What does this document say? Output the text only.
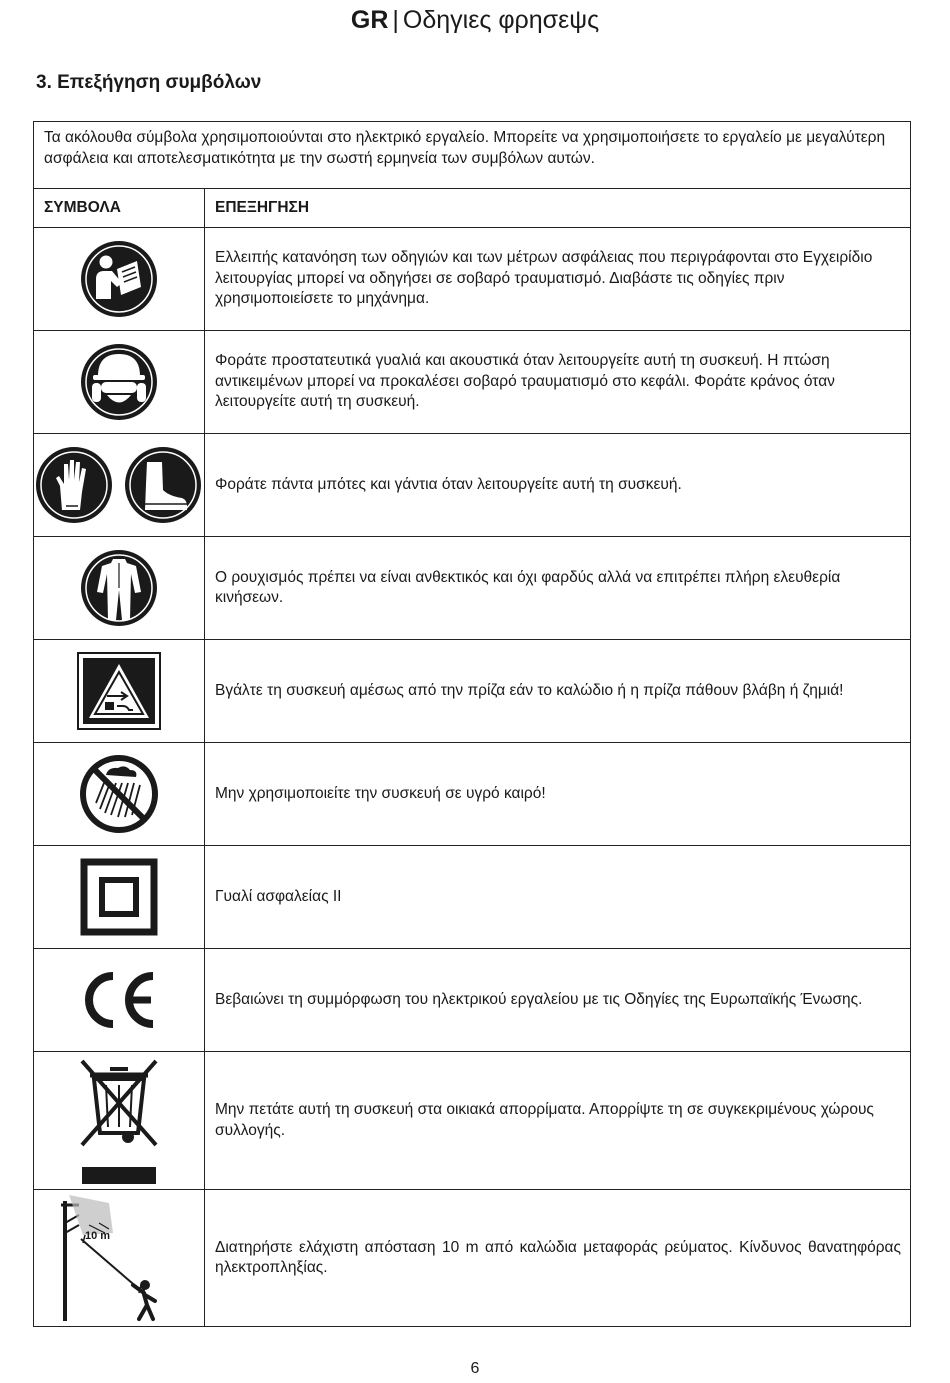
GR | Οδηγιες φρησεψς
3. Επεξήγηση συμβόλων
Τα ακόλουθα σύμβολα χρησιμοποιούνται στο ηλεκτρικό εργαλείο. Μπορείτε να χρησιμοποιήσετε το εργαλείο με μεγαλύτερη ασφάλεια και αποτελεσματικότητα με την σωστή ερμηνεία των συμβόλων αυτών.
ΣΥΜΒΟΛΑ	ΕΠΕΞΗΓΗΣΗ
Ελλειπής κατανόηση των οδηγιών και των μέτρων ασφάλειας που περιγράφονται στο Εγχειρίδιο λειτουργίας μπορεί να οδηγήσει σε σοβαρό τραυματισμό. Διαβάστε τις οδηγίες πριν χρησιμοποιείσετε το μηχάνημα.
Φοράτε προστατευτικά γυαλιά και ακουστικά όταν λειτουργείτε αυτή τη συσκευή. Η πτώση αντικειμένων μπορεί να προκαλέσει σοβαρό τραυματισμό στο κεφάλι. Φοράτε κράνος όταν λειτουργείτε αυτή τη συσκευή.
Φοράτε πάντα μπότες και γάντια όταν λειτουργείτε αυτή τη συσκευή.
Ο ρουχισμός πρέπει να είναι ανθεκτικός και όχι φαρδύς αλλά να επιτρέπει πλήρη ελευθερία κινήσεων.
Βγάλτε τη συσκευή αμέσως από την πρίζα εάν το καλώδιο ή η πρίζα πάθουν βλάβη ή ζημιά!
Μην χρησιμοποιείτε την συσκευή σε υγρό καιρό!
Γυαλί ασφαλείας II
Βεβαιώνει τη συμμόρφωση του ηλεκτρικού εργαλείου με τις Οδηγίες της Ευρωπαϊκής Ένωσης.
Μην πετάτε αυτή τη συσκευή στα οικιακά απορρίματα. Απορρίψτε τη σε συγκεκριμένους χώρους συλλογής.
10 m
Διατηρήστε ελάχιστη απόσταση 10 m από καλώδια μεταφοράς ρεύματος. Κίνδυνος θανατηφόρας ηλεκτροπληξίας.
6
